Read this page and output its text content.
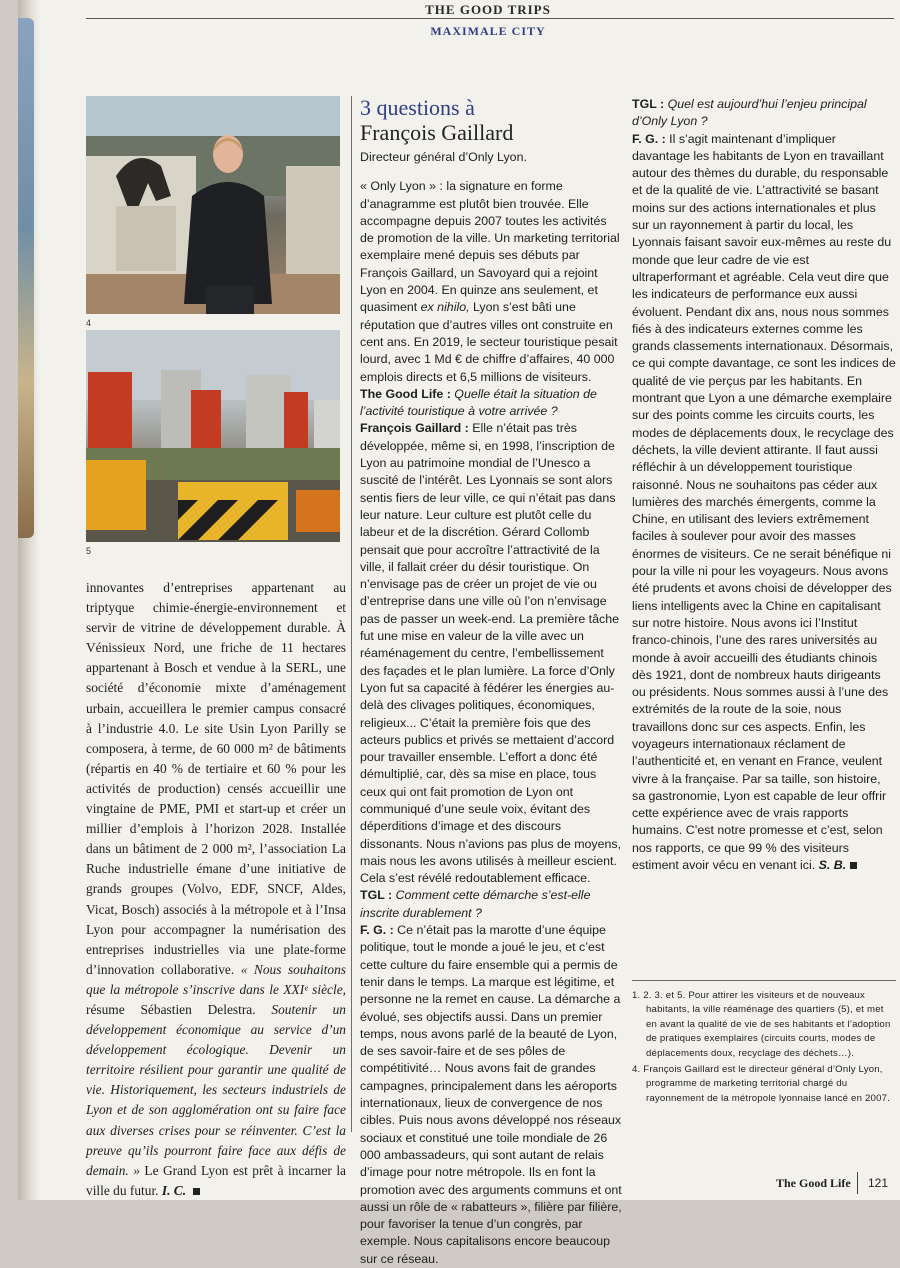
THE GOOD TRIPS
MAXIMALE CITY
4
5

innovantes d’entreprises appartenant au triptyque chimie-énergie-environnement et servir de vitrine de développement durable. À Vénissieux Nord, une friche de 11 hectares appartenant à Bosch et vendue à la SERL, une société d’économie mixte d’aménagement urbain, accueillera le premier campus consacré à l’industrie 4.0. Le site Usin Lyon Parilly se composera, à terme, de 60 000 m² de bâtiments (répartis en 40 % de tertiaire et 60 % pour les activités de production) censés accueillir une vingtaine de PME, PMI et start-up et créer un millier d’emplois à l’horizon 2028. Installée dans un bâtiment de 2 000 m², l’association La Ruche industrielle émane d’une initiative de grands groupes (Volvo, EDF, SNCF, Aldes, Vicat, Bosch) associés à la métropole et à l’Insa Lyon pour accompagner la numérisation des entreprises industrielles via une plate-forme d’innovation collaborative. « Nous souhaitons que la métropole s’inscrive dans le XXIᵉ siècle, résume Sébastien Delestra. Soutenir un développement économique au service d’un développement écologique. Devenir un territoire résilient pour garantir une qualité de vie. Historiquement, les secteurs industriels de Lyon et de son agglomération ont su faire face aux diverses crises pour se réinventer. C’est la preuve qu’ils pourront faire face aux défis de demain. » Le Grand Lyon est prêt à incarner la ville du futur. I. C.

3 questions à
François Gaillard
Directeur général d’Only Lyon.

« Only Lyon » : la signature en forme d’anagramme est plutôt bien trouvée. Elle accompagne depuis 2007 toutes les activités de promotion de la ville. Un marketing territorial exemplaire mené depuis ses débuts par François Gaillard, un Savoyard qui a rejoint Lyon en 2004. En quinze ans seulement, et quasiment ex nihilo, Lyon s’est bâti une réputation que d’autres villes ont construite en cent ans. En 2019, le secteur touristique pesait lourd, avec 1 Md € de chiffre d’affaires, 40 000 emplois directs et 6,5 millions de visiteurs.

The Good Life : Quelle était la situation de l’activité touristique à votre arrivée ?

François Gaillard : Elle n’était pas très développée, même si, en 1998, l’inscription de Lyon au patrimoine mondial de l’Unesco a suscité de l’intérêt. Les Lyonnais se sont alors sentis fiers de leur ville, ce qui n’était pas dans leur nature. Leur culture est plutôt celle du labeur et de la discrétion. Gérard Collomb pensait que pour accroître l’attractivité de la ville, il fallait créer du désir touristique. On n’envisage pas de créer un projet de vie ou d’entreprise dans une ville où l’on n’envisage pas de passer un week-end. La première tâche fut une mise en valeur de la ville avec un réaménagement du centre, l’embellissement des façades et le plan lumière. La force d’Only Lyon fut sa capacité à fédérer les énergies au-delà des clivages politiques, économiques, religieux... C’était la première fois que des acteurs publics et privés se mettaient d’accord pour travailler ensemble. L’effort a donc été démultiplié, car, dès sa mise en place, tous ceux qui ont fait promotion de Lyon ont communiqué d’une seule voix, évitant des déperditions d’image et des discours dissonants. Nous n’avions pas plus de moyens, mais nous les avons utilisés à meilleur escient. Cela s’est révélé redoutablement efficace.

TGL : Comment cette démarche s’est-elle inscrite durablement ?

F. G. : Ce n’était pas la marotte d’une équipe politique, tout le monde a joué le jeu, et c’est cette culture du faire ensemble qui a permis de tenir dans le temps. La marque est légitime, et personne ne la remet en cause. La démarche a évolué, ses objectifs aussi. Dans un premier temps, nous avons parlé de la beauté de Lyon, de ses savoir-faire et de ses pôles de compétitivité… Nous avons fait de grandes campagnes, principalement dans les aéroports internationaux, lieux de convergence de nos cibles. Puis nous avons développé nos réseaux sociaux et constitué une toile mondiale de 26 000 ambassadeurs, qui sont autant de relais d’image pour notre métropole. Ils en font la promotion avec des arguments communs et ont aussi un rôle de « rabatteurs », filière par filière, pour favoriser la tenue d’un congrès, par exemple. Nous capitalisons encore beaucoup sur ce réseau.

TGL : Quel est aujourd’hui l’enjeu principal d’Only Lyon ?

F. G. : Il s’agit maintenant d’impliquer davantage les habitants de Lyon en travaillant autour des thèmes du durable, du responsable et de la qualité de vie. L’attractivité se basant moins sur des actions internationales et plus sur un rayonnement à partir du local, les Lyonnais faisant savoir eux-mêmes au reste du monde que leur cadre de vie est ultraperformant et agréable. Cela veut dire que les indicateurs de performance eux aussi évoluent. Pendant dix ans, nous nous sommes fiés à des indicateurs externes comme les grands classements internationaux. Désormais, ce qui compte davantage, ce sont les indices de qualité de vie perçus par les habitants. En montrant que Lyon a une démarche exemplaire sur des points comme les circuits courts, les modes de déplacements doux, le recyclage des déchets, la ville devient attirante. Il faut aussi réfléchir à un développement touristique raisonné. Nous ne souhaitons pas céder aux lumières des marchés émergents, comme la Chine, en utilisant des leviers extrêmement faciles à soulever pour avoir des masses énormes de visiteurs. Ce ne serait bénéfique ni pour la ville ni pour les voyageurs. Nous avons été prudents et avons choisi de développer des liens intelligents avec la Chine en capitalisant sur notre histoire. Nous avons ici l’Institut franco-chinois, l’une des rares universités au monde à avoir accueilli des étudiants chinois dès 1921, dont de nombreux hauts dirigeants ou présidents. Nous sommes aussi à l’une des extrémités de la route de la soie, nous travaillons donc sur ces aspects. Enfin, les voyageurs internationaux réclament de l’authenticité et, en venant en France, veulent vivre à la française. Par sa taille, son histoire, sa gastronomie, Lyon est capable de leur offrir cette expérience avec de vrais rapports humains. C’est notre promesse et c’est, selon nos rapports, ce que 99 % des visiteurs estiment avoir vécu en venant ici. S. B.

1. 2. 3. et 5. Pour attirer les visiteurs et de nouveaux habitants, la ville réaménage des quartiers (5), et met en avant la qualité de vie de ses habitants et l’adoption de pratiques exemplaires (circuits courts, modes de déplacements doux, recyclage des déchets…).

4. François Gaillard est le directeur général d’Only Lyon, programme de marketing territorial chargé du rayonnement de la métropole lyonnaise lancé en 2007.

The Good Life 121
